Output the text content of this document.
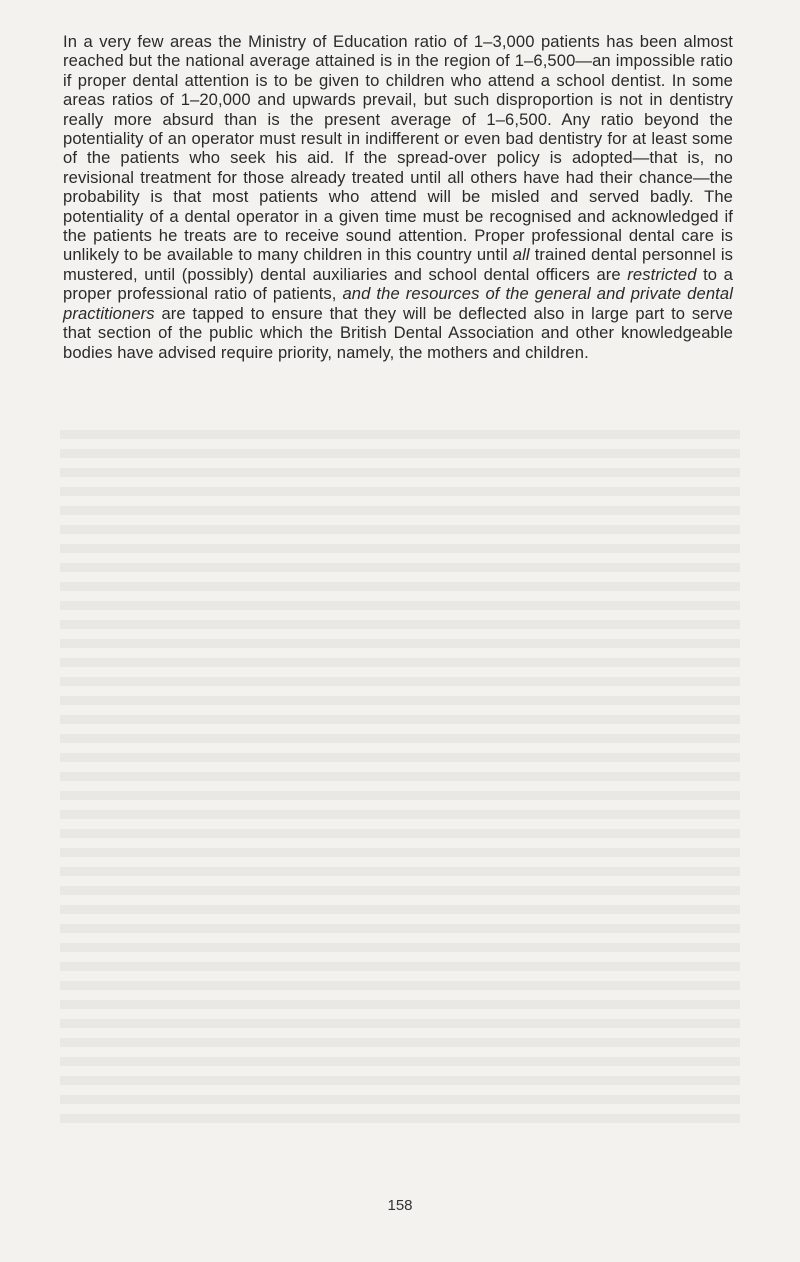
In a very few areas the Ministry of Education ratio of 1–3,000 patients has been almost reached but the national average attained is in the region of 1–6,500—an impossible ratio if proper dental attention is to be given to children who attend a school dentist. In some areas ratios of 1–20,000 and upwards prevail, but such disproportion is not in dentistry really more absurd than is the present average of 1–6,500. Any ratio beyond the potentiality of an operator must result in indifferent or even bad dentistry for at least some of the patients who seek his aid. If the spread-over policy is adopted—that is, no revisional treatment for those already treated until all others have had their chance—the probability is that most patients who attend will be misled and served badly. The potentiality of a dental operator in a given time must be recognised and acknowledged if the patients he treats are to receive sound attention. Proper professional dental care is unlikely to be available to many children in this country until all trained dental personnel is mustered, until (possibly) dental auxiliaries and school dental officers are restricted to a proper professional ratio of patients, and the resources of the general and private dental practitioners are tapped to ensure that they will be deflected also in large part to serve that section of the public which the British Dental Association and other knowledgeable bodies have advised require priority, namely, the mothers and children.

158
